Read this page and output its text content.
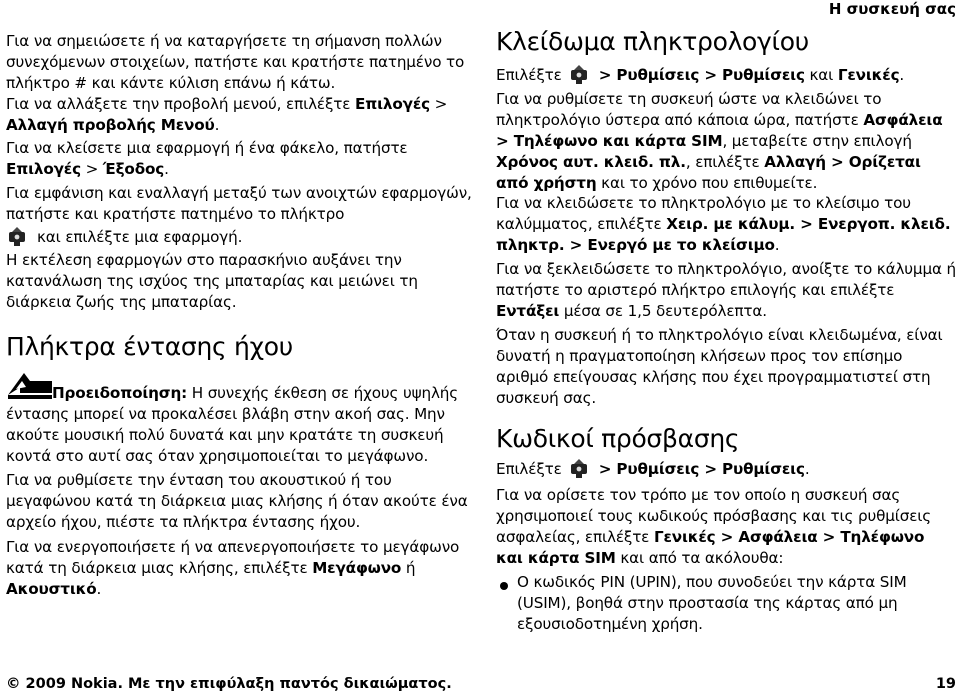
Η συσκευή σας

Για να σημειώσετε ή να καταργήσετε τη σήμανση πολλών συνεχόμενων στοιχείων, πατήστε και κρατήστε πατημένο το πλήκτρο # και κάντε κύλιση επάνω ή κάτω.

Για να αλλάξετε την προβολή μενού, επιλέξτε Επιλογές > Αλλαγή προβολής Μενού.

Για να κλείσετε μια εφαρμογή ή ένα φάκελο, πατήστε Επιλογές > Έξοδος.

Για εμφάνιση και εναλλαγή μεταξύ των ανοιχτών εφαρμογών, πατήστε και κρατήστε πατημένο το πλήκτρο
και επιλέξτε μια εφαρμογή.

Η εκτέλεση εφαρμογών στο παρασκήνιο αυξάνει την κατανάλωση της ισχύος της μπαταρίας και μειώνει τη διάρκεια ζωής της μπαταρίας.

Πλήκτρα έντασης ήχου

Προειδοποίηση: Η συνεχής έκθεση σε ήχους υψηλής έντασης μπορεί να προκαλέσει βλάβη στην ακοή σας. Μην ακούτε μουσική πολύ δυνατά και μην κρατάτε τη συσκευή κοντά στο αυτί σας όταν χρησιμοποιείται το μεγάφωνο.

Για να ρυθμίσετε την ένταση του ακουστικού ή του μεγαφώνου κατά τη διάρκεια μιας κλήσης ή όταν ακούτε ένα αρχείο ήχου, πιέστε τα πλήκτρα έντασης ήχου.

Για να ενεργοποιήσετε ή να απενεργοποιήσετε το μεγάφωνο κατά τη διάρκεια μιας κλήσης, επιλέξτε Μεγάφωνο ή Ακουστικό.

Κλείδωμα πληκτρολογίου

Επιλέξτε > Ρυθμίσεις > Ρυθμίσεις και Γενικές.

Για να ρυθμίσετε τη συσκευή ώστε να κλειδώνει το πληκτρολόγιο ύστερα από κάποια ώρα, πατήστε Ασφάλεια > Τηλέφωνο και κάρτα SIM, μεταβείτε στην επιλογή Χρόνος αυτ. κλειδ. πλ., επιλέξτε Αλλαγή > Ορίζεται από χρήστη και το χρόνο που επιθυμείτε.

Για να κλειδώσετε το πληκτρολόγιο με το κλείσιμο του καλύμματος, επιλέξτε Χειρ. με κάλυμ. > Ενεργοπ. κλειδ. πληκτρ. > Ενεργό με το κλείσιμο.

Για να ξεκλειδώσετε το πληκτρολόγιο, ανοίξτε το κάλυμμα ή πατήστε το αριστερό πλήκτρο επιλογής και επιλέξτε Εντάξει μέσα σε 1,5 δευτερόλεπτα.

Όταν η συσκευή ή το πληκτρολόγιο είναι κλειδωμένα, είναι δυνατή η πραγματοποίηση κλήσεων προς τον επίσημο αριθμό επείγουσας κλήσης που έχει προγραμματιστεί στη συσκευή σας.

Κωδικοί πρόσβασης

Επιλέξτε > Ρυθμίσεις > Ρυθμίσεις.

Για να ορίσετε τον τρόπο με τον οποίο η συσκευή σας χρησιμοποιεί τους κωδικούς πρόσβασης και τις ρυθμίσεις ασφαλείας, επιλέξτε Γενικές > Ασφάλεια > Τηλέφωνο και κάρτα SIM και από τα ακόλουθα:

Ο κωδικός PIN (UPIN), που συνοδεύει την κάρτα SIM (USIM), βοηθά στην προστασία της κάρτας από μη εξουσιοδοτημένη χρήση.

© 2009 Nokia. Με την επιφύλαξη παντός δικαιώματος.	19
